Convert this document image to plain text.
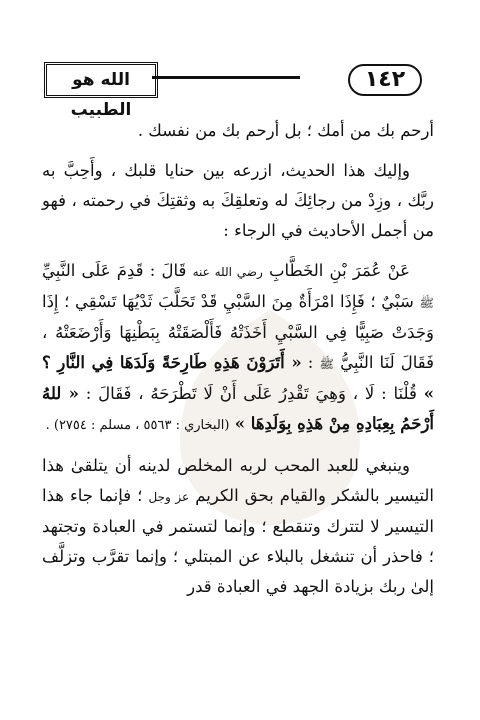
الله هو الطبيب
١٤٢

أرحم بك من أمك ؛ بل أرحم بك من نفسك .

وإليك هذا الحديث، ازرعه بين حنايا قلبك ، وأَحِبَّ به ربَّك ، وزِدْ من رجائِكَ له وتعلقِكَ به وثقتِكَ في رحمته ، فهو من أجمل الأحاديث في الرجاء :

عَنْ عُمَرَ بْنِ الخَطَّابِ رضي الله عنه قَالَ : قَدِمَ عَلَى النَّبِيِّ ﷺ سَبْيٌ ؛ فَإِذَا امْرَأَةٌ مِنَ السَّبْيِ قَدْ تَحَلَّبَ ثَدْيُهَا تَسْقِي ؛ إِذَا وَجَدَتْ صَبِيًّا فِي السَّبْيِ أَخَذَتْهُ فَأَلْصَقَتْهُ بِبَطْنِهَا وَأَرْضَعَتْهُ ، فَقَالَ لَنَا النَّبِيُّ ﷺ : « أَتَرَوْنَ هَذِهِ طَارِحَةً وَلَدَهَا فِي النَّارِ ؟ » قُلْنَا : لَا ، وَهِيَ تَقْدِرُ عَلَى أَنْ لَا تَطْرَحَهُ ، فَقَالَ : « للهُ أَرْحَمُ بِعِبَادِهِ مِنْ هَذِهِ بِوَلَدِهَا » (البخاري : ٥٥٦٣ ، مسلم : ٢٧٥٤) .

وينبغي للعبد المحب لربه المخلص لدينه أن يتلقىٰ هذا التيسير بالشكر والقيام بحق الكريم عز وجل ؛ فإنما جاء هذا التيسير لا لتترك وتنقطع ؛ وإنما لتستمر في العبادة وتجتهد ؛ فاحذر أن تنشغل بالبلاء عن المبتلي ؛ وإنما تقرَّب وتزلَّف إلىٰ ربك بزيادة الجهد في العبادة قدر
